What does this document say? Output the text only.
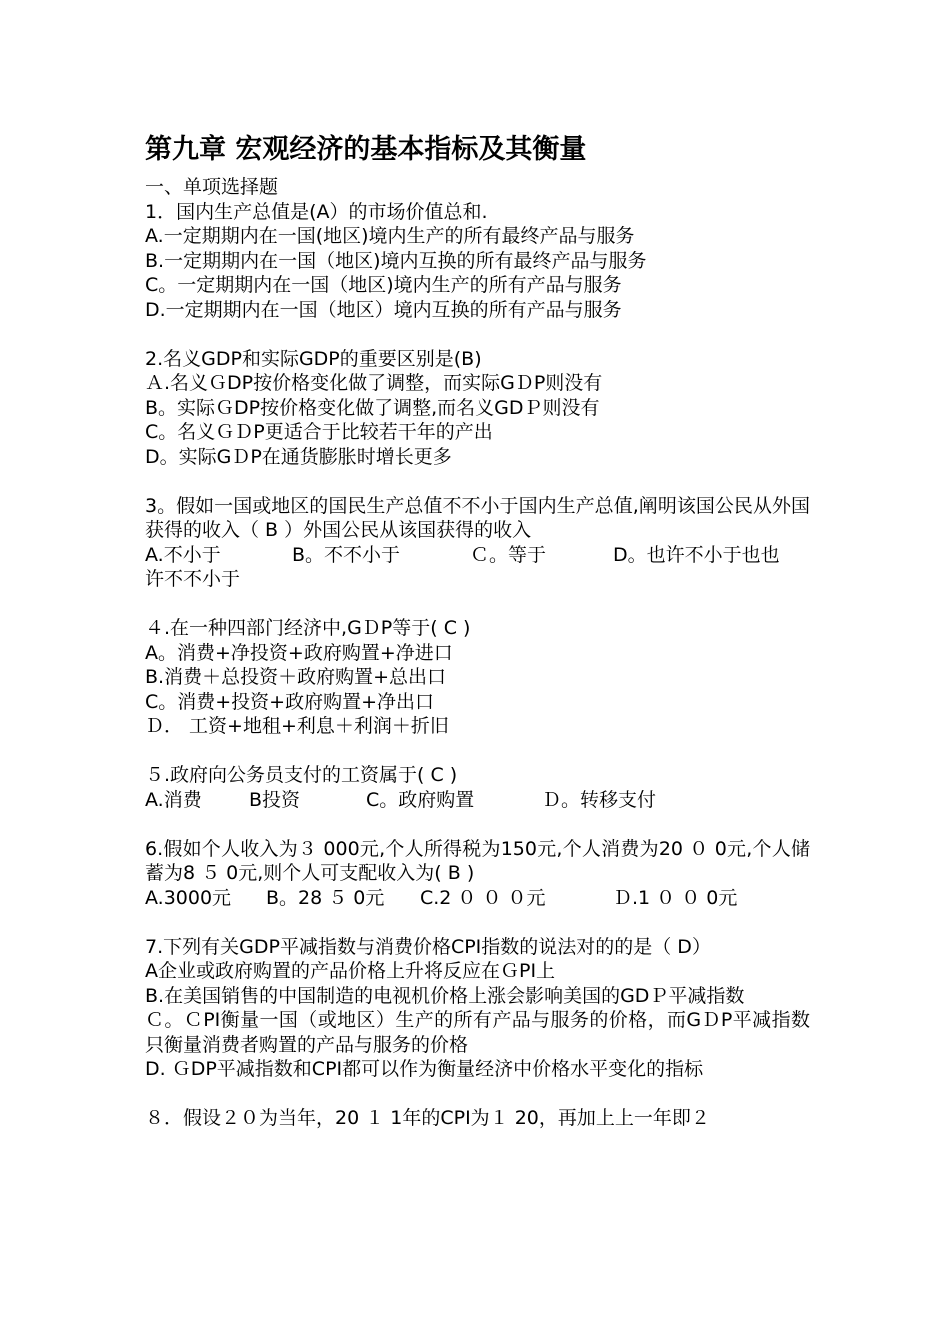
第九章 宏观经济的基本指标及其衡量
一、单项选择题
1．国内生产总值是(A）的市场价值总和.
A.一定期期内在一国(地区)境内生产的所有最终产品与服务
B.一定期期内在一国（地区)境内互换的所有最终产品与服务
C。一定期期内在一国（地区)境内生产的所有产品与服务
D.一定期期内在一国（地区）境内互换的所有产品与服务
2.名义GDP和实际GDP的重要区别是(B)
Ａ.名义ＧDP按价格变化做了调整，而实际GＤP则没有
B。实际ＧDP按价格变化做了调整,而名义GDＰ则没有
C。名义ＧＤP更适合于比较若干年的产出
D。实际GＤP在通货膨胀时增长更多
3。假如一国或地区的国民生产总值不不小于国内生产总值,阐明该国公民从外国获得的收入（ B ）外国公民从该国获得的收入
A.不小于	B。不不小于	Ｃ。等于	D。也许不小于也也
许不不小于
４.在一种四部门经济中,GＤP等于( C )
A。消费+净投资+政府购置+净进口
B.消费＋总投资＋政府购置+总出口
C。消费+投资+政府购置+净出口
Ｄ． 工资+地租+利息＋利润＋折旧
５.政府向公务员支付的工资属于( C )
A.消费	B投资	C。政府购置	Ｄ。转移支付
6.假如个人收入为３ 000元,个人所得税为150元,个人消费为20 ０ 0元,个人储蓄为8 ５ 0元,则个人可支配收入为( B )
A.3000元	B。28 ５ 0元	C.2 ０ ０ ０元	Ｄ.1 ０ ０ 0元
7.下列有关GDP平减指数与消费价格CPI指数的说法对的的是（ D）
A企业或政府购置的产品价格上升将反应在ＧPI上
B.在美国销售的中国制造的电视机价格上涨会影响美国的GDＰ平减指数
Ｃ。ＣPI衡量一国（或地区）生产的所有产品与服务的价格，而GＤP平减指数只衡量消费者购置的产品与服务的价格
D. ＧDP平减指数和CPI都可以作为衡量经济中价格水平变化的指标
８．假设２０为当年，20 １ 1年的CPI为１ 20，再加上上一年即２
